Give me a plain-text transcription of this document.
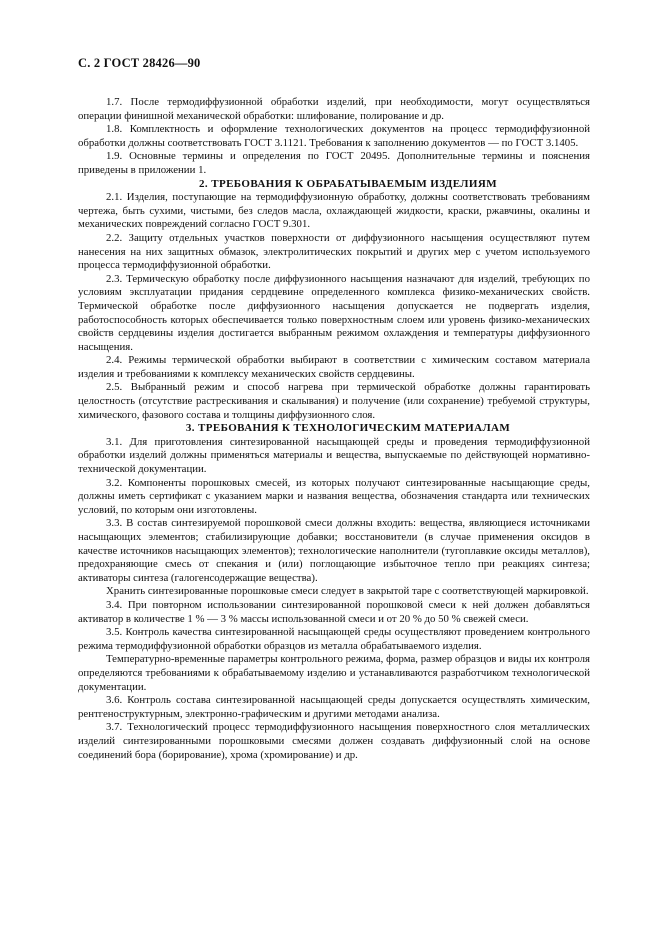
С. 2 ГОСТ 28426—90

1.7. После термодиффузионной обработки изделий, при необходимости, могут осуществляться операции финишной механической обработки: шлифование, полирование и др.

1.8. Комплектность и оформление технологических документов на процесс термодиффузионной обработки должны соответствовать ГОСТ 3.1121. Требования к заполнению документов — по ГОСТ 3.1405.

1.9. Основные термины и определения по ГОСТ 20495. Дополнительные термины и пояснения приведены в приложении 1.

2. ТРЕБОВАНИЯ К ОБРАБАТЫВАЕМЫМ ИЗДЕЛИЯМ

2.1. Изделия, поступающие на термодиффузионную обработку, должны соответствовать требованиям чертежа, быть сухими, чистыми, без следов масла, охлаждающей жидкости, краски, ржавчины, окалины и механических повреждений согласно ГОСТ 9.301.

2.2. Защиту отдельных участков поверхности от диффузионного насыщения осуществляют путем нанесения на них защитных обмазок, электролитических покрытий и других мер с учетом используемого процесса термодиффузионной обработки.

2.3. Термическую обработку после диффузионного насыщения назначают для изделий, требующих по условиям эксплуатации придания сердцевине определенного комплекса физико-механических свойств. Термической обработке после диффузионного насыщения допускается не подвергать изделия, работоспособность которых обеспечивается только поверхностным слоем или уровень физико-механических свойств сердцевины изделия достигается выбранным режимом охлаждения и температуры диффузионного насыщения.

2.4. Режимы термической обработки выбирают в соответствии с химическим составом материала изделия и требованиями к комплексу механических свойств сердцевины.

2.5. Выбранный режим и способ нагрева при термической обработке должны гарантировать целостность (отсутствие растрескивания и скалывания) и получение (или сохранение) требуемой структуры, химического, фазового состава и толщины диффузионного слоя.

3. ТРЕБОВАНИЯ К ТЕХНОЛОГИЧЕСКИМ МАТЕРИАЛАМ

3.1. Для приготовления синтезированной насыщающей среды и проведения термодиффузионной обработки изделий должны применяться материалы и вещества, выпускаемые по действующей нормативно-технической документации.

3.2. Компоненты порошковых смесей, из которых получают синтезированные насыщающие среды, должны иметь сертификат с указанием марки и названия вещества, обозначения стандарта или технических условий, по которым они изготовлены.

3.3. В состав синтезируемой порошковой смеси должны входить: вещества, являющиеся источниками насыщающих элементов; стабилизирующие добавки; восстановители (в случае применения оксидов в качестве источников насыщающих элементов); технологические наполнители (тугоплавкие оксиды металлов), предохраняющие смесь от спекания и (или) поглощающие избыточное тепло при реакциях синтеза; активаторы синтеза (галогенсодержащие вещества).

Хранить синтезированные порошковые смеси следует в закрытой таре с соответствующей маркировкой.

3.4. При повторном использовании синтезированной порошковой смеси к ней должен добавляться активатор в количестве 1 % — 3 % массы использованной смеси и от 20 % до 50 % свежей смеси.

3.5. Контроль качества синтезированной насыщающей среды осуществляют проведением контрольного режима термодиффузионной обработки образцов из металла обрабатываемого изделия.

Температурно-временные параметры контрольного режима, форма, размер образцов и виды их контроля определяются требованиями к обрабатываемому изделию и устанавливаются разработчиком технологической документации.

3.6. Контроль состава синтезированной насыщающей среды допускается осуществлять химическим, рентгеноструктурным, электронно-графическим и другими методами анализа.

3.7. Технологический процесс термодиффузионного насыщения поверхностного слоя металлических изделий синтезированными порошковыми смесями должен создавать диффузионный слой на основе соединений бора (борирование), хрома (хромирование) и др.
